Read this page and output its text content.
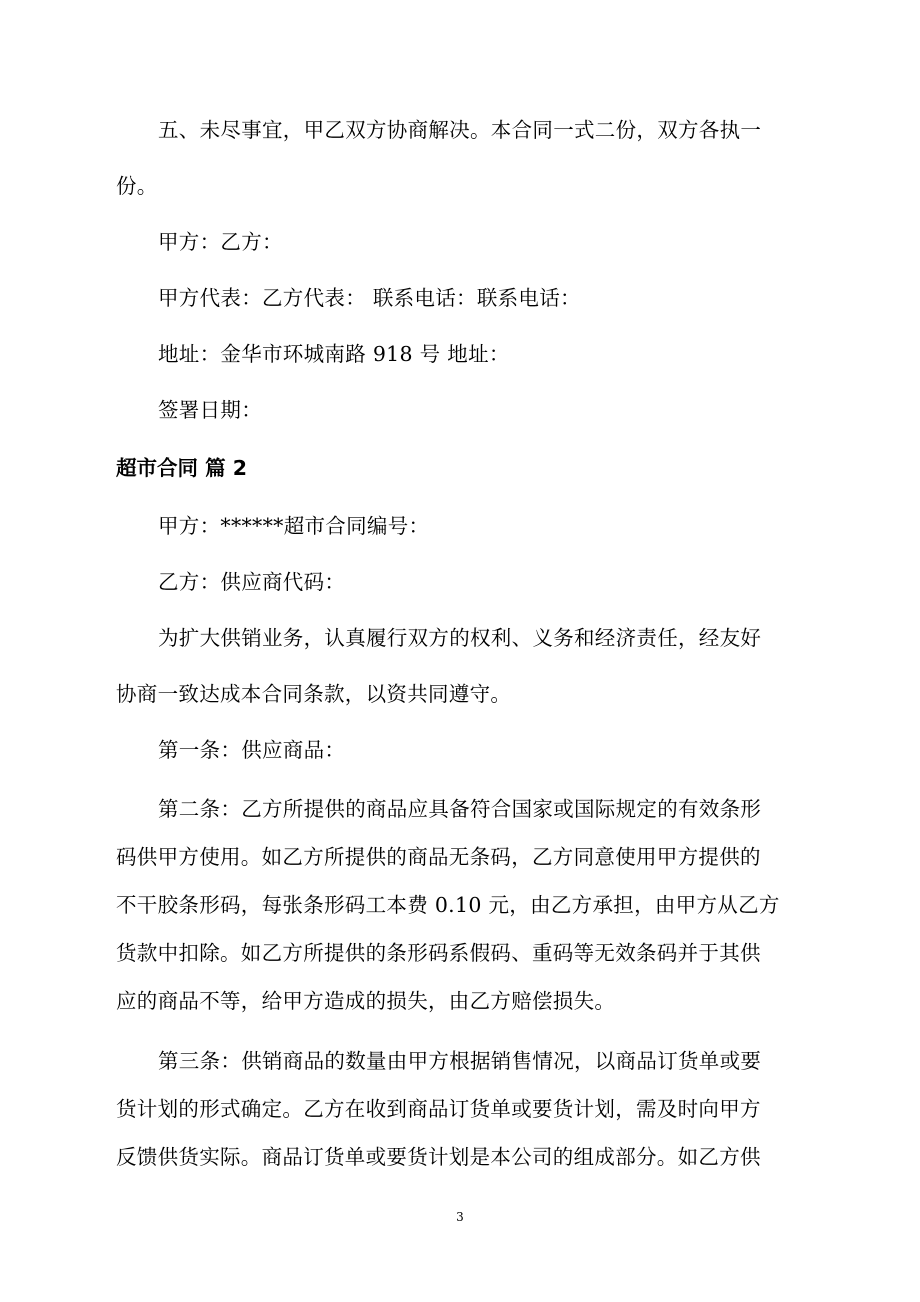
五、未尽事宜，甲乙双方协商解决。本合同一式二份，双方各执一
份。
甲方：乙方：
甲方代表：乙方代表： 联系电话：联系电话：
地址：金华市环城南路 918 号 地址：
签署日期：
超市合同 篇 2
甲方：******超市合同编号：
乙方：供应商代码：
为扩大供销业务，认真履行双方的权利、义务和经济责任，经友好
协商一致达成本合同条款，以资共同遵守。
第一条：供应商品：
第二条：乙方所提供的商品应具备符合国家或国际规定的有效条形
码供甲方使用。如乙方所提供的商品无条码，乙方同意使用甲方提供的
不干胶条形码，每张条形码工本费 0.10 元，由乙方承担，由甲方从乙方
货款中扣除。如乙方所提供的条形码系假码、重码等无效条码并于其供
应的商品不等，给甲方造成的损失，由乙方赔偿损失。
第三条：供销商品的数量由甲方根据销售情况，以商品订货单或要
货计划的形式确定。乙方在收到商品订货单或要货计划，需及时向甲方
反馈供货实际。商品订货单或要货计划是本公司的组成部分。如乙方供
3
